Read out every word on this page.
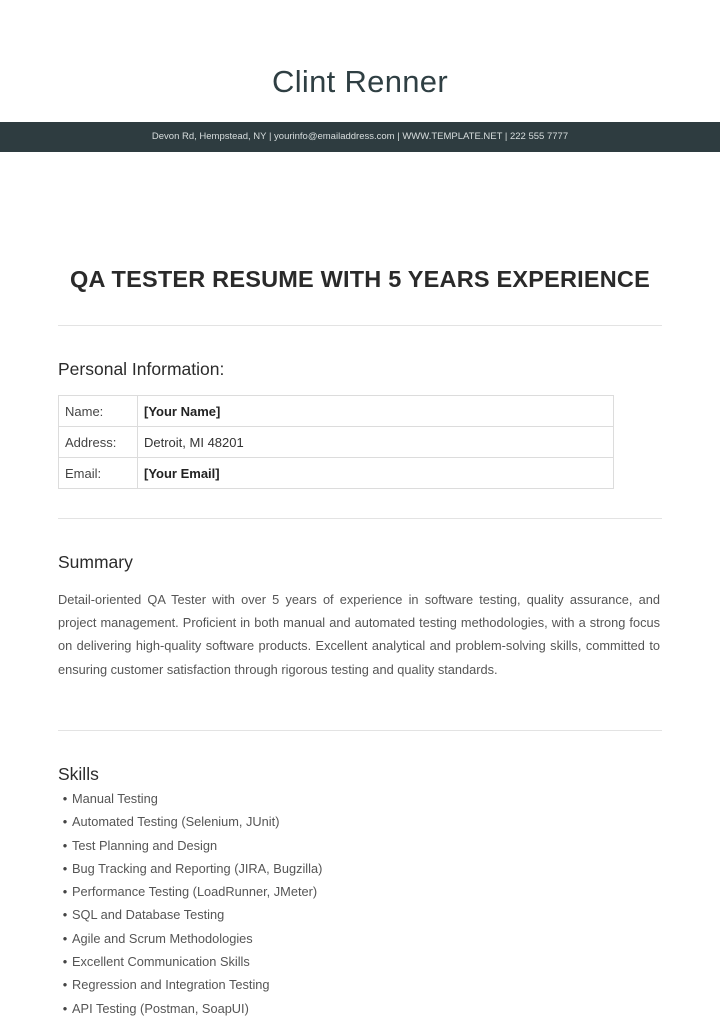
Clint Renner
Devon Rd, Hempstead, NY | yourinfo@emailaddress.com | WWW.TEMPLATE.NET | 222 555 7777
QA TESTER RESUME WITH 5 YEARS EXPERIENCE
Personal Information:
Name:	[Your Name]
Address:	Detroit, MI 48201
Email:	[Your Email]
Summary
Detail-oriented QA Tester with over 5 years of experience in software testing, quality assurance, and project management. Proficient in both manual and automated testing methodologies, with a strong focus on delivering high-quality software products. Excellent analytical and problem-solving skills, committed to ensuring customer satisfaction through rigorous testing and quality standards.
Skills
• Manual Testing
• Automated Testing (Selenium, JUnit)
• Test Planning and Design
• Bug Tracking and Reporting (JIRA, Bugzilla)
• Performance Testing (LoadRunner, JMeter)
• SQL and Database Testing
• Agile and Scrum Methodologies
• Excellent Communication Skills
• Regression and Integration Testing
• API Testing (Postman, SoapUI)
